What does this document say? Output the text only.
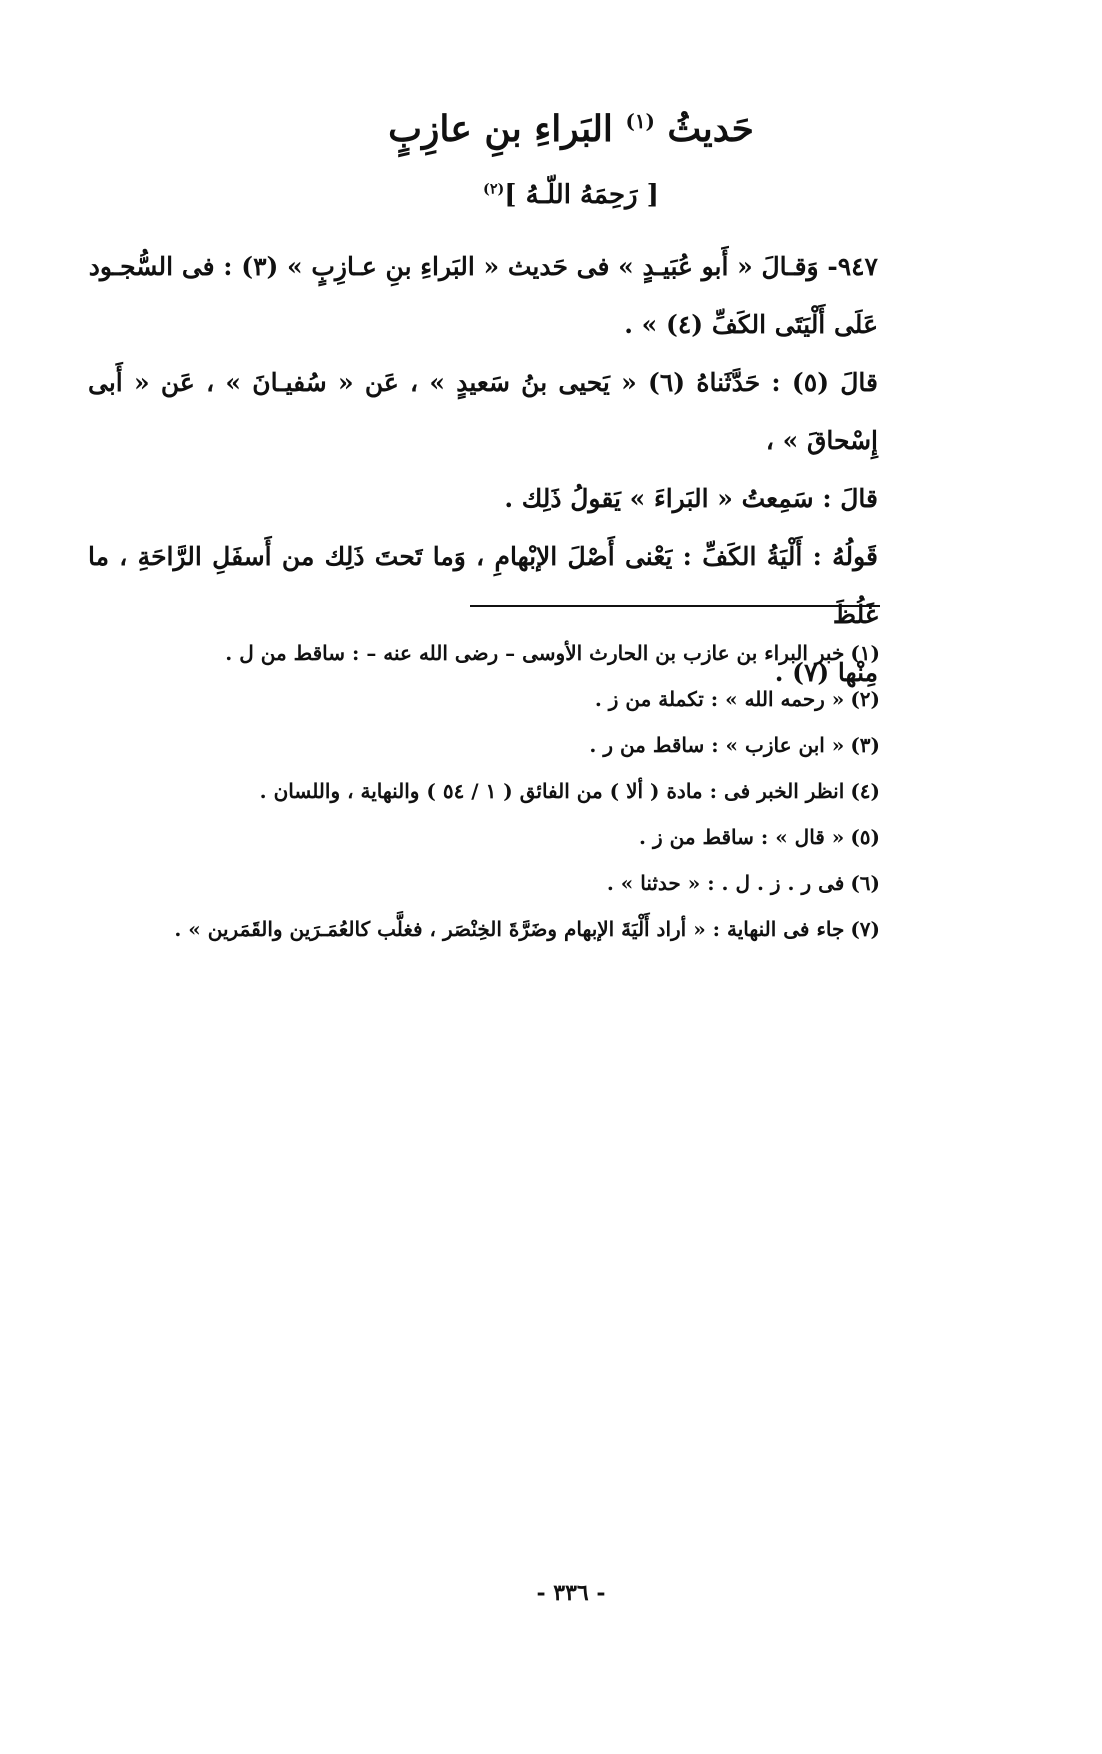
حَديثُ $^{(١)}$ البَراءِ بنِ عازِبٍ
[ رَحِمَهُ اللّـهُ ]$^{(٢)}$

٩٤٧- وَقـالَ « أَبو عُبَيـدٍ » فى حَديث « البَراءِ بنِ عـازِبٍ » (٣) : فى السُّجـود
عَلَى أَلْيَتَى الكَفِّ (٤) » .

قالَ (٥) : حَدَّثَناهُ (٦) « يَحيى بنُ سَعيدٍ » ، عَن « سُفيـانَ » ، عَن « أَبى إِسْحاقَ » ،
قالَ : سَمِعتُ « البَراءَ » يَقولُ ذَلِك .

قَولُهُ : أَلْيَةُ الكَفِّ : يَعْنى أَصْلَ الإبْهامِ ، وَما تَحتَ ذَلِك من أَسفَلِ الرَّاحَةِ ، ما غَلُظَ
مِنْها (٧) .

(١)خبر البراء بن عازب بن الحارث الأوسى – رضى الله عنه – : ساقط من ل .
(٢)« رحمه الله » : تكملة من ز .
(٣)« ابن عازب » : ساقط من ر .
(٤)انظر الخبر فى : مادة ( ألا ) من الفائق ( ١ / ٥٤ ) والنهاية ، واللسان .
(٥)« قال » : ساقط من ز .
(٦)فى ر . ز . ل . : « حدثنا » .
(٧)جاء فى النهاية : « أراد أَلْيَةَ الإبهام وضَرَّةَ الخِنْصَر ، فغلَّب كالعُمَـرَين والقَمَرين » .
- ٣٣٦ -
